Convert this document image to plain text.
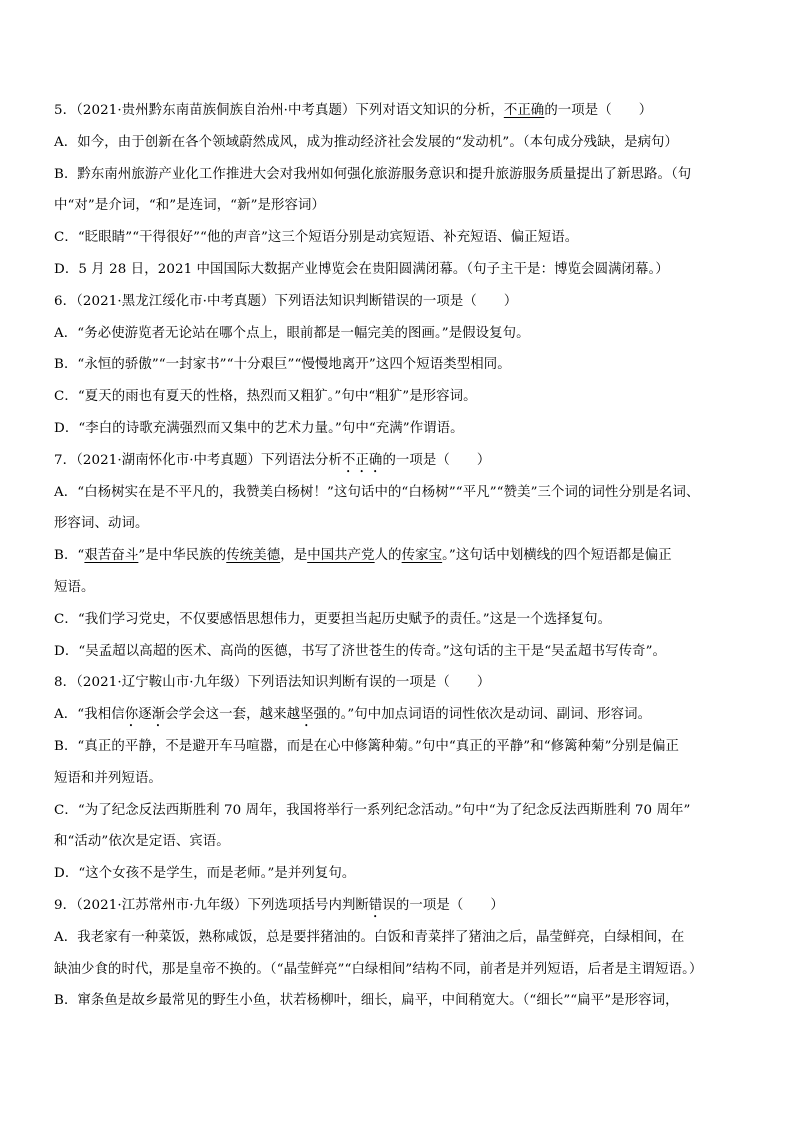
5．（2021·贵州黔东南苗族侗族自治州·中考真题）下列对语文知识的分析，不正确的一项是（　　）
A．如今，由于创新在各个领域蔚然成风，成为推动经济社会发展的“发动机”。（本句成分残缺，是病句）
B．黔东南州旅游产业化工作推进大会对我州如何强化旅游服务意识和提升旅游服务质量提出了新思路。（句
中“对”是介词，“和”是连词，“新”是形容词）
C．“眨眼睛”“干得很好”“他的声音”这三个短语分别是动宾短语、补充短语、偏正短语。
D．5 月 28 日，2021 中国国际大数据产业博览会在贵阳圆满闭幕。（句子主干是：博览会圆满闭幕。）
6．（2021·黑龙江绥化市·中考真题）下列语法知识判断错误的一项是（　　）
A．“务必使游览者无论站在哪个点上，眼前都是一幅完美的图画。”是假设复句。
B．“永恒的骄傲”“一封家书”“十分艰巨”“慢慢地离开”这四个短语类型相同。
C．“夏天的雨也有夏天的性格，热烈而又粗犷。”句中“粗犷”是形容词。
D．“李白的诗歌充满强烈而又集中的艺术力量。”句中“充满”作谓语。
7．（2021·湖南怀化市·中考真题）下列语法分析不正确的一项是（　　）
A．“白杨树实在是不平凡的，我赞美白杨树！”这句话中的“白杨树”“平凡”“赞美”三个词的词性分别是名词、
形容词、动词。
B．“艰苦奋斗”是中华民族的传统美德，是中国共产党人的传家宝。”这句话中划横线的四个短语都是偏正
短语。
C．“我们学习党史，不仅要感悟思想伟力，更要担当起历史赋予的责任。”这是一个选择复句。
D．“吴孟超以高超的医术、高尚的医德，书写了济世苍生的传奇。”这句话的主干是“吴孟超书写传奇”。
8．（2021·辽宁鞍山市·九年级）下列语法知识判断有误的一项是（　　）
A．“我相信你逐渐会学会这一套，越来越坚强的。”句中加点词语的词性依次是动词、副词、形容词。
B．“真正的平静，不是避开车马喧嚣，而是在心中修篱种菊。”句中“真正的平静”和“修篱种菊”分别是偏正
短语和并列短语。
C．“为了纪念反法西斯胜利 70 周年，我国将举行一系列纪念活动。”句中“为了纪念反法西斯胜利 70 周年”
和“活动”依次是定语、宾语。
D．“这个女孩不是学生，而是老师。”是并列复句。
9．（2021·江苏常州市·九年级）下列选项括号内判断错误的一项是（　　）
A．我老家有一种菜饭，熟称咸饭，总是要拌猪油的。白饭和青菜拌了猪油之后，晶莹鲜亮，白绿相间，在
缺油少食的时代，那是皇帝不换的。（“晶莹鲜亮”“白绿相间”结构不同，前者是并列短语，后者是主谓短语。）
B．窜条鱼是故乡最常见的野生小鱼，状若杨柳叶，细长，扁平，中间稍宽大。（“细长”“扁平”是形容词，
